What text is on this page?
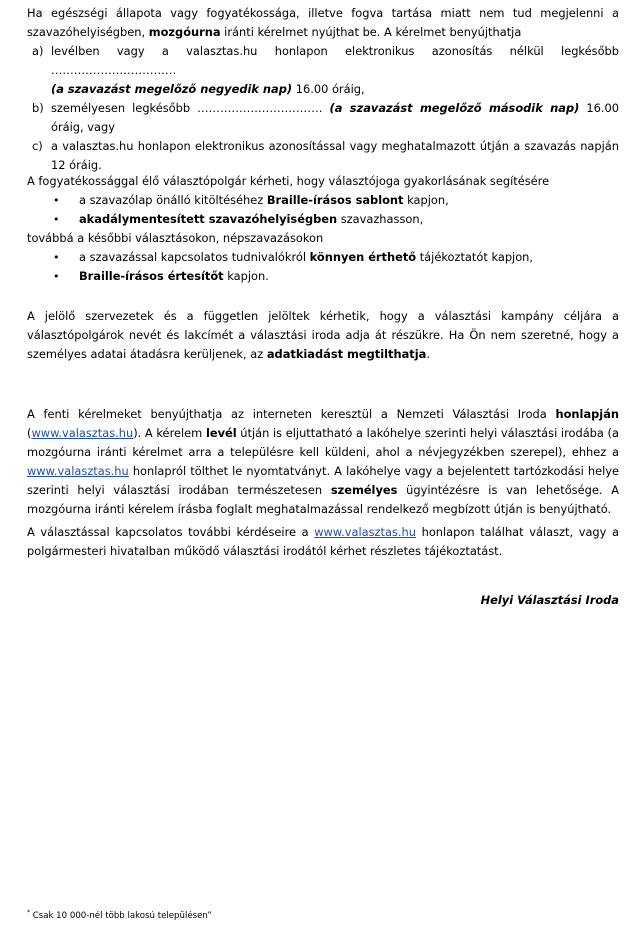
Ha egészségi állapota vagy fogyatékossága, illetve fogva tartása miatt nem tud megjelenni a szavazóhelyiségben, mozgóurna iránti kérelmet nyújthat be. A kérelmet benyújthatja

a) levélben vagy a valasztas.hu honlapon elektronikus azonosítás nélkül legkésőbb ……………………………
(a szavazást megelőző negyedik nap) 16.00 óráig,
b) személyesen legkésőbb …………………………… (a szavazást megelőző második nap) 16.00 óráig, vagy
c) a valasztas.hu honlapon elektronikus azonosítással vagy meghatalmazott útján a szavazás napján 12 óráig.

A fogyatékossággal élő választópolgár kérheti, hogy választójoga gyakorlásának segítésére

• a szavazólap önálló kitöltéséhez Braille-írásos sablont kapjon,
• akadálymentesített szavazóhelyiségben szavazhasson,
továbbá a későbbi választásokon, népszavazásokon
• a szavazással kapcsolatos tudnivalókról könnyen érthető tájékoztatót kapjon,
• Braille-írásos értesítőt kapjon.

A jelölő szervezetek és a független jelöltek kérhetik, hogy a választási kampány céljára a választópolgárok nevét és lakcímét a választási iroda adja át részükre. Ha Ön nem szeretné, hogy a személyes adatai átadásra kerüljenek, az adatkiadást megtilthatja.

A fenti kérelmeket benyújthatja az interneten keresztül a Nemzeti Választási Iroda honlapján (www.valasztas.hu). A kérelem levél útján is eljuttatható a lakóhelye szerinti helyi választási irodába (a mozgóurna iránti kérelmet arra a településre kell küldeni, ahol a névjegyzékben szerepel), ehhez a www.valasztas.hu honlapról tölthet le nyomtatványt. A lakóhelye vagy a bejelentett tartózkodási helye szerinti helyi választási irodában természetesen személyes ügyintézésre is van lehetősége. A mozgóurna iránti kérelem írásba foglalt meghatalmazással rendelkező megbízott útján is benyújtható.

A választással kapcsolatos további kérdéseire a www.valasztas.hu honlapon találhat választ, vagy a polgármesteri hivatalban működő választási irodától kérhet részletes tájékoztatást.

Helyi Választási Iroda
* Csak 10 000-nél több lakosú településen”
